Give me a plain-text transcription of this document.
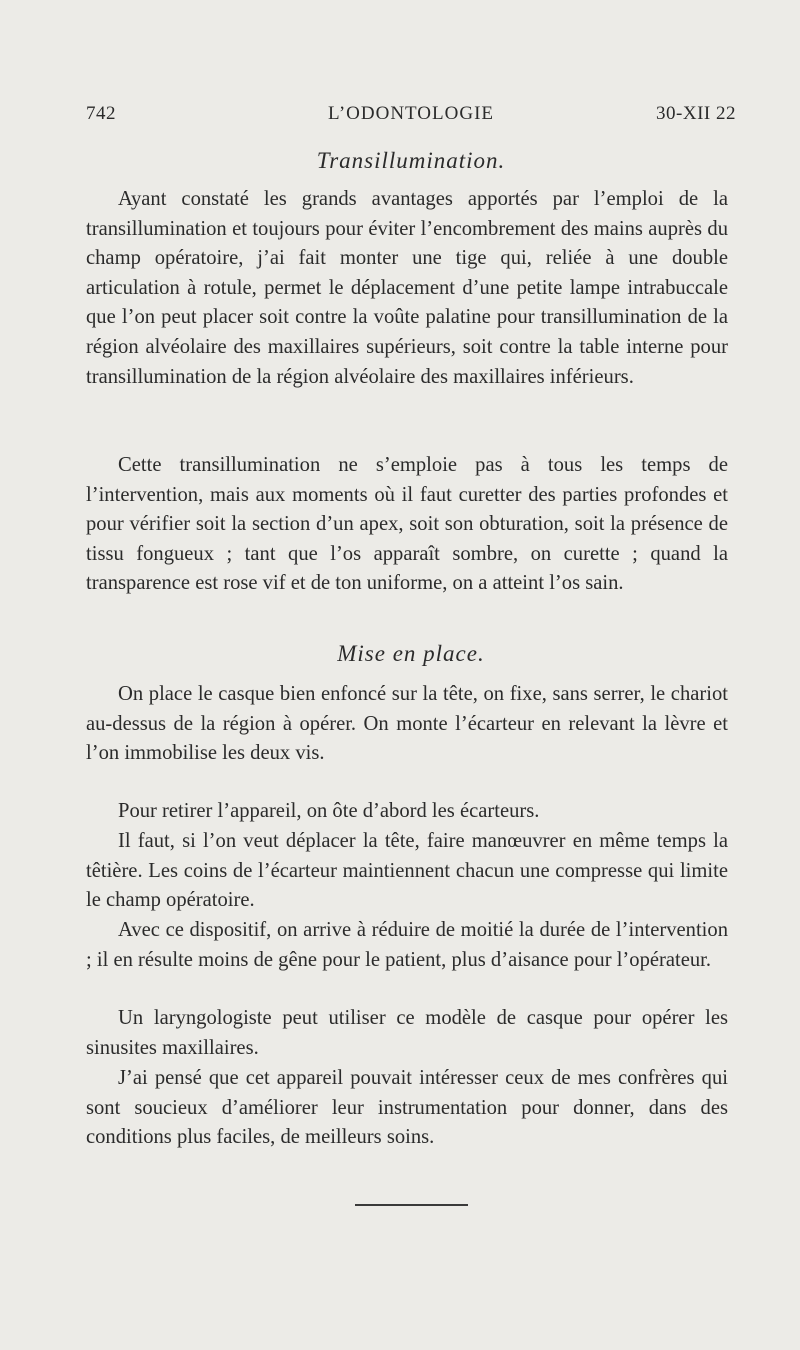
742	L’ODONTOLOGIE	30-XII 22
Transillumination.

Ayant constaté les grands avantages apportés par l’emploi de la transillumination et toujours pour éviter l’encombrement des mains auprès du champ opératoire, j’ai fait monter une tige qui, reliée à une double articulation à rotule, permet le déplacement d’une petite lampe intrabuccale que l’on peut placer soit contre la voûte palatine pour transillumination de la région alvéolaire des maxillaires supérieurs, soit contre la table interne pour transillumination de la région alvéolaire des maxillaires inférieurs.

Cette transillumination ne s’emploie pas à tous les temps de l’intervention, mais aux moments où il faut curetter des parties profondes et pour vérifier soit la section d’un apex, soit son obturation, soit la présence de tissu fongueux ; tant que l’os apparaît sombre, on curette ; quand la transparence est rose vif et de ton uniforme, on a atteint l’os sain.

Mise en place.

On place le casque bien enfoncé sur la tête, on fixe, sans serrer, le chariot au-dessus de la région à opérer. On monte l’écarteur en relevant la lèvre et l’on immobilise les deux vis.

Pour retirer l’appareil, on ôte d’abord les écarteurs.

Il faut, si l’on veut déplacer la tête, faire manœuvrer en même temps la têtière. Les coins de l’écarteur maintiennent chacun une compresse qui limite le champ opératoire.

Avec ce dispositif, on arrive à réduire de moitié la durée de l’intervention ; il en résulte moins de gêne pour le patient, plus d’aisance pour l’opérateur.

Un laryngologiste peut utiliser ce modèle de casque pour opérer les sinusites maxillaires.

J’ai pensé que cet appareil pouvait intéresser ceux de mes confrères qui sont soucieux d’améliorer leur instrumentation pour donner, dans des conditions plus faciles, de meilleurs soins.
